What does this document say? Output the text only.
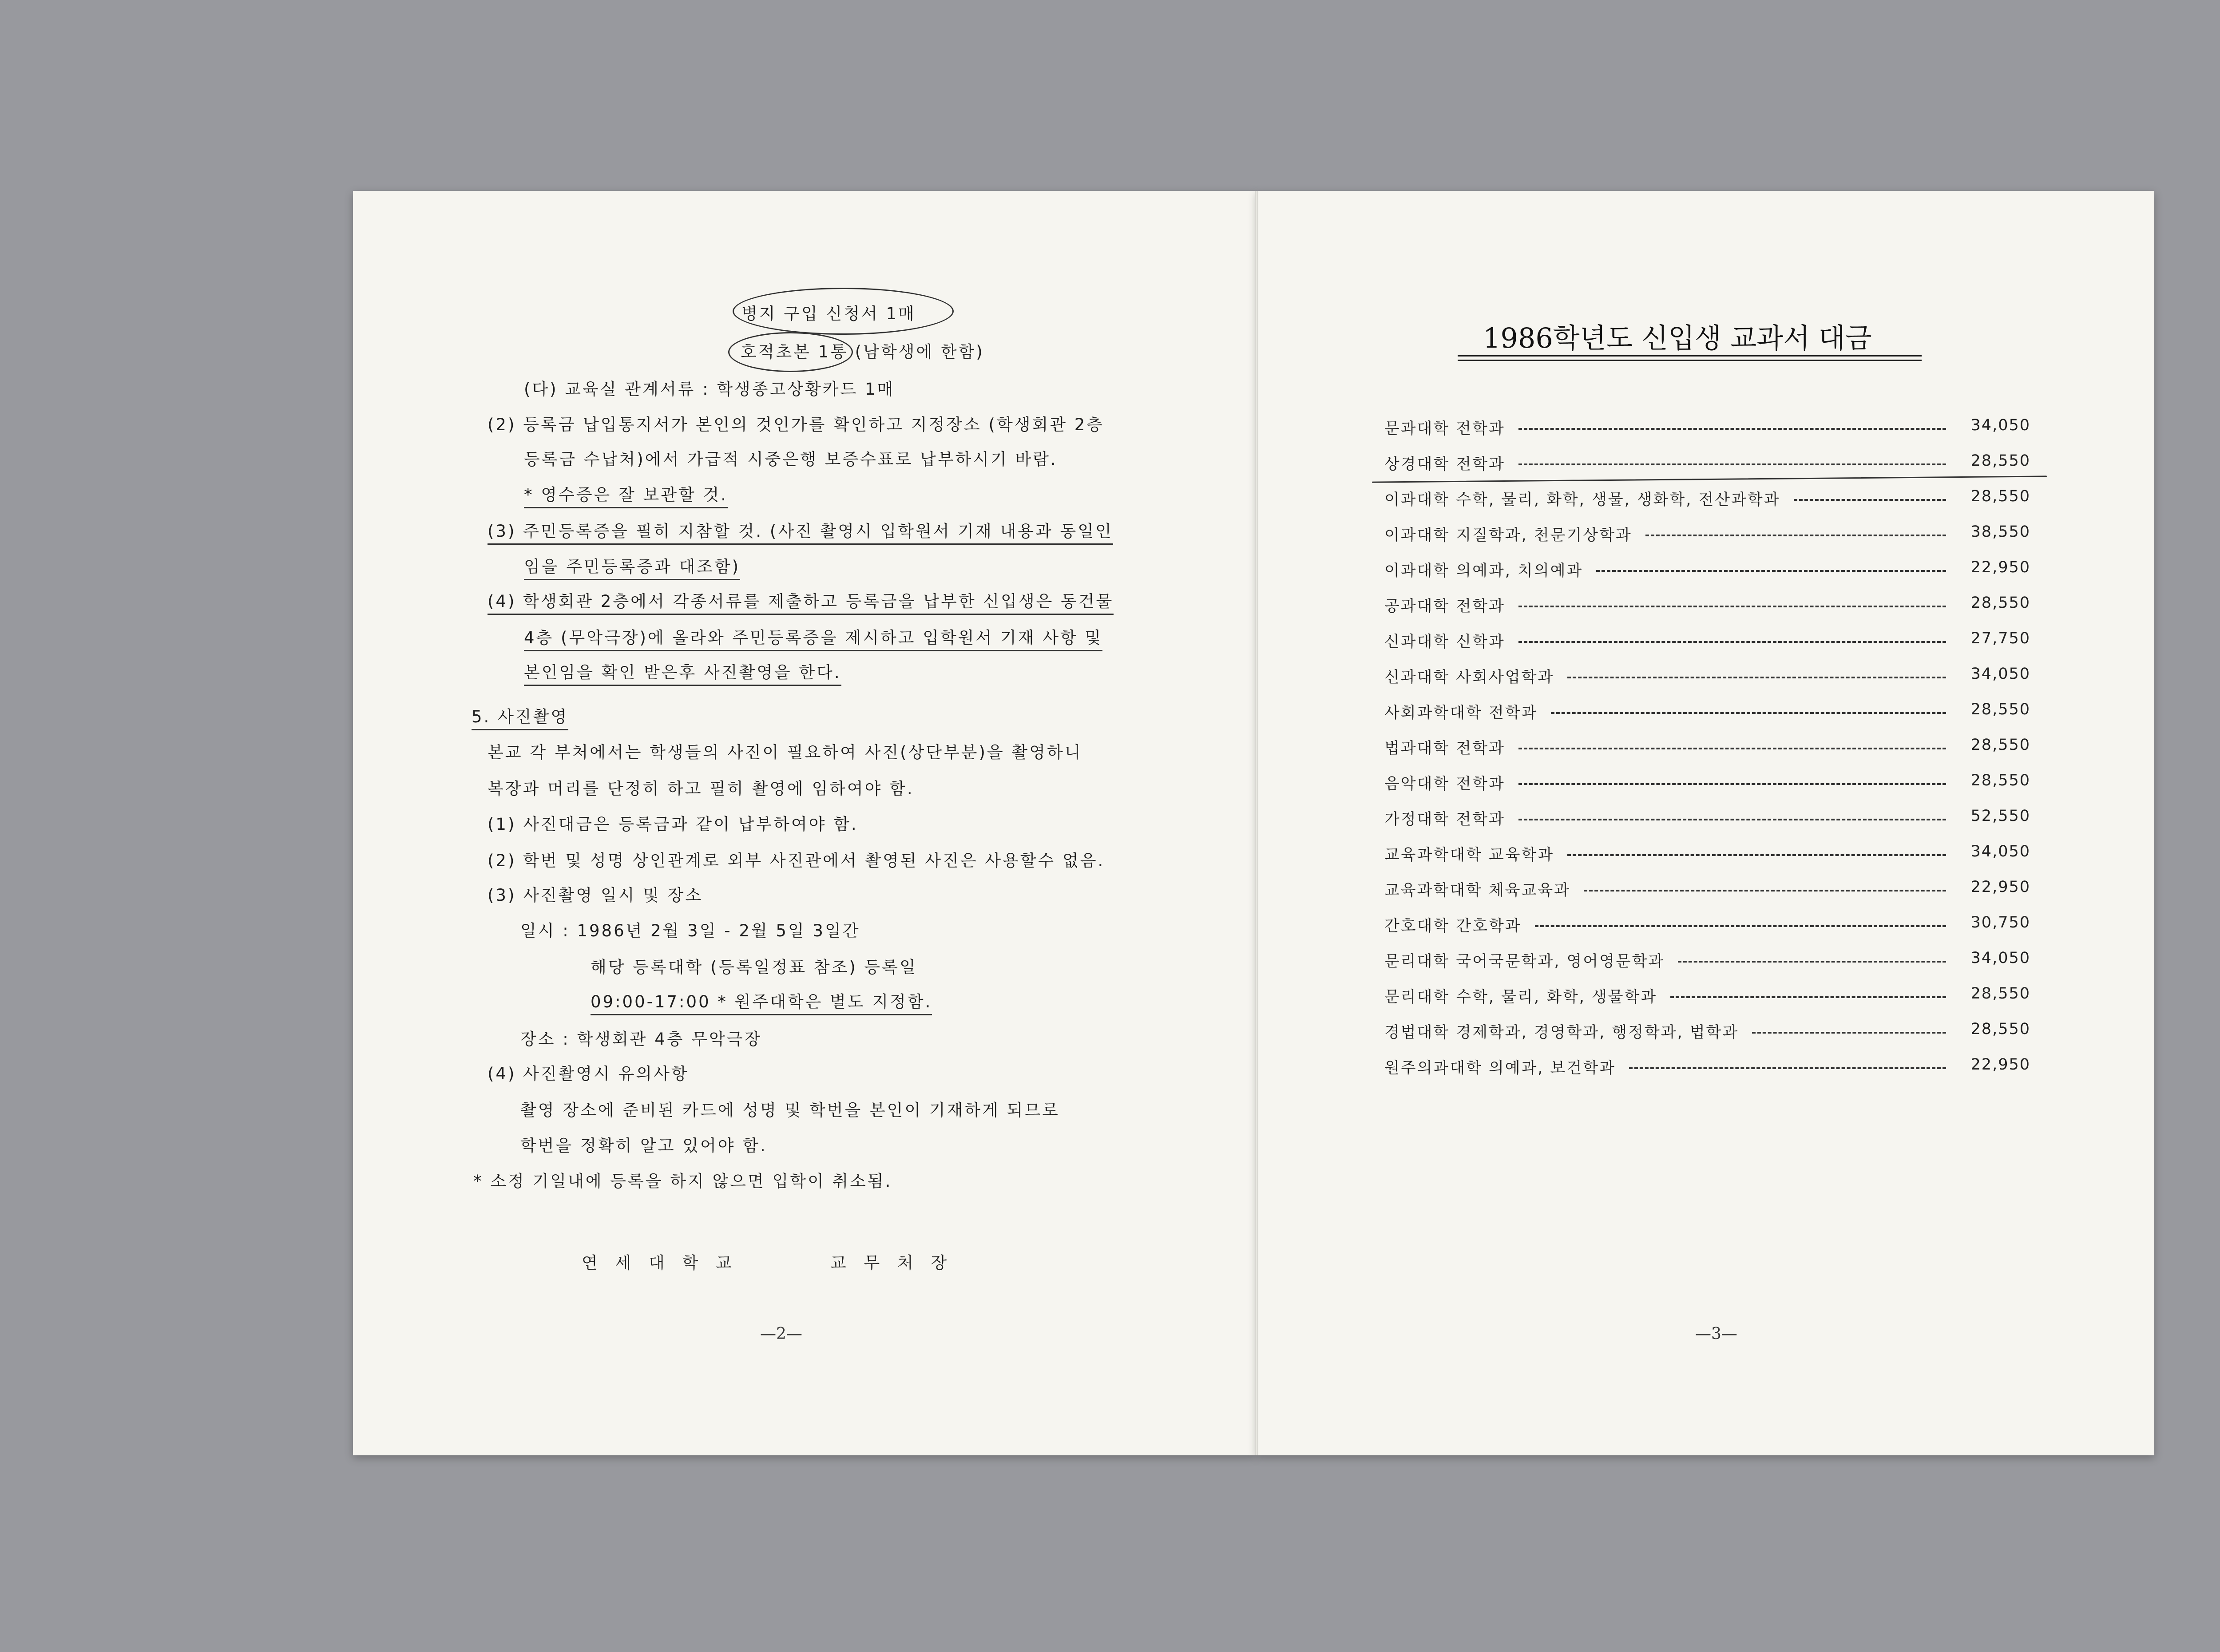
병지 구입 신청서 1매
호적초본 1통 (남학생에 한함)
(다) 교육실 관계서류 : 학생종고상황카드 1매
(2) 등록금 납입통지서가 본인의 것인가를 확인하고 지정장소 (학생회관 2층
등록금 수납처)에서 가급적 시중은행 보증수표로 납부하시기 바람.
* 영수증은 잘 보관할 것.
(3) 주민등록증을 필히 지참할 것. (사진 촬영시 입학원서 기재 내용과 동일인
임을 주민등록증과 대조함)
(4) 학생회관 2층에서 각종서류를 제출하고 등록금을 납부한 신입생은 동건물
4층 (무악극장)에 올라와 주민등록증을 제시하고 입학원서 기재 사항 및
본인임을 확인 받은후 사진촬영을 한다.
5. 사진촬영
본교 각 부처에서는 학생들의 사진이 필요하여 사진(상단부분)을 촬영하니
복장과 머리를 단정히 하고 필히 촬영에 임하여야 함.
(1) 사진대금은 등록금과 같이 납부하여야 함.
(2) 학번 및 성명 상인관계로 외부 사진관에서 촬영된 사진은 사용할수 없음.
(3) 사진촬영 일시 및 장소
일시 : 1986년 2월 3일 - 2월 5일 3일간
해당 등록대학 (등록일정표 참조) 등록일
09:00-17:00 * 원주대학은 별도 지정함.
장소 : 학생회관 4층 무악극장
(4) 사진촬영시 유의사항
촬영 장소에 준비된 카드에 성명 및 학번을 본인이 기재하게 되므로
학번을 정확히 알고 있어야 함.
* 소정 기일내에 등록을 하지 않으면 입학이 취소됨.
연 세 대 학 교	교 무 처 장
—2—
1986학년도 신입생 교과서 대금
문과대학 전학과	34,050
상경대학 전학과	28,550
이과대학 수학, 물리, 화학, 생물, 생화학, 전산과학과	28,550
이과대학 지질학과, 천문기상학과	38,550
이과대학 의예과, 치의예과	22,950
공과대학 전학과	28,550
신과대학 신학과	27,750
신과대학 사회사업학과	34,050
사회과학대학 전학과	28,550
법과대학 전학과	28,550
음악대학 전학과	28,550
가정대학 전학과	52,550
교육과학대학 교육학과	34,050
교육과학대학 체육교육과	22,950
간호대학 간호학과	30,750
문리대학 국어국문학과, 영어영문학과	34,050
문리대학 수학, 물리, 화학, 생물학과	28,550
경법대학 경제학과, 경영학과, 행정학과, 법학과	28,550
원주의과대학 의예과, 보건학과	22,950
—3—
